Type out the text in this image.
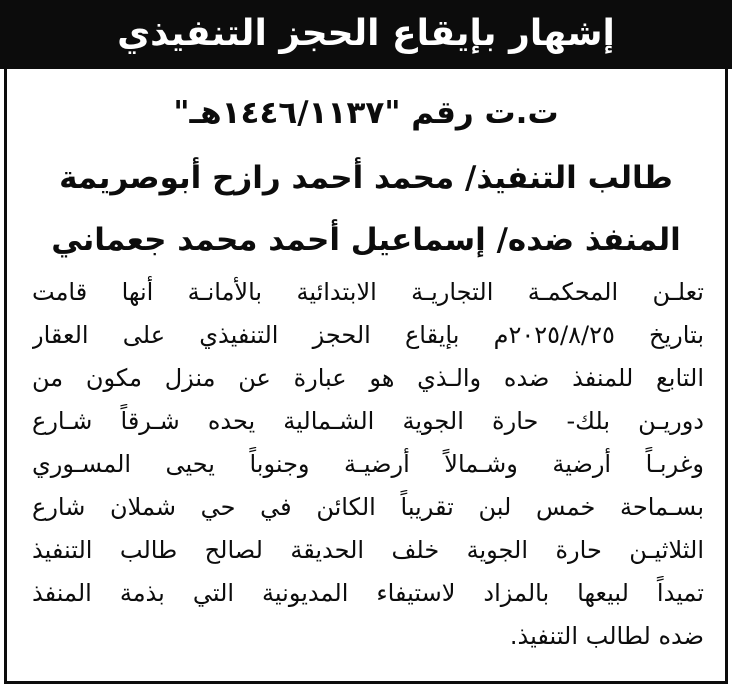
إشهار بإيقاع الحجز التنفيذي
ت.ت رقم "١٤٤٦/١١٣٧هـ"
طالب التنفيذ/ محمد أحمد رازح أبوصريمة
المنفذ ضده/ إسماعيل أحمد محمد جعماني
تعلـن المحكمـة التجاريـة الابتدائية بالأمانـة أنها قامت
بتاريخ ٢٠٢٥/٨/٢٥م بإيقاع الحجز التنفيذي على العقار
التابع للمنفذ ضده والـذي هو عبارة عن منزل مكون من
دوريـن بلك- حارة الجوية الشـمالية يحده شـرقاً شـارع
وغربـاً أرضية وشـمالاً أرضيـة وجنوباً يحيى المسـوري
بسـماحة خمس لبن تقريباً الكائن في حي شملان شارع
الثلاثيـن حارة الجوية خلف الحديقة لصالح طالب التنفيذ
تميداً لبيعها بالمزاد لاستيفاء المديونية التي بذمة المنفذ
ضده لطالب التنفيذ.
